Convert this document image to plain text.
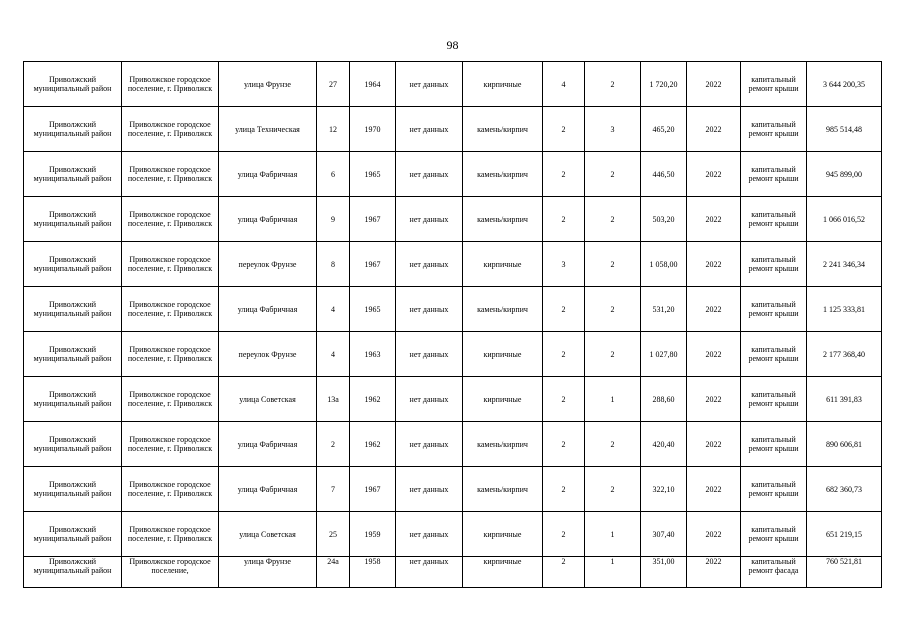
98
Приволжский муниципальный район	Приволжское городское поселение, г. Приволжск	улица Фрунзе	27	1964	нет данных	кирпичные	4	2	1 720,20	2022	капитальный ремонт крыши	3 644 200,35
Приволжский муниципальный район	Приволжское городское поселение, г. Приволжск	улица Техническая	12	1970	нет данных	камень/кирпич	2	3	465,20	2022	капитальный ремонт крыши	985 514,48
Приволжский муниципальный район	Приволжское городское поселение, г. Приволжск	улица Фабричная	6	1965	нет данных	камень/кирпич	2	2	446,50	2022	капитальный ремонт крыши	945 899,00
Приволжский муниципальный район	Приволжское городское поселение, г. Приволжск	улица Фабричная	9	1967	нет данных	камень/кирпич	2	2	503,20	2022	капитальный ремонт крыши	1 066 016,52
Приволжский муниципальный район	Приволжское городское поселение, г. Приволжск	переулок Фрунзе	8	1967	нет данных	кирпичные	3	2	1 058,00	2022	капитальный ремонт крыши	2 241 346,34
Приволжский муниципальный район	Приволжское городское поселение, г. Приволжск	улица Фабричная	4	1965	нет данных	камень/кирпич	2	2	531,20	2022	капитальный ремонт крыши	1 125 333,81
Приволжский муниципальный район	Приволжское городское поселение, г. Приволжск	переулок Фрунзе	4	1963	нет данных	кирпичные	2	2	1 027,80	2022	капитальный ремонт крыши	2 177 368,40
Приволжский муниципальный район	Приволжское городское поселение, г. Приволжск	улица Советская	13а	1962	нет данных	кирпичные	2	1	288,60	2022	капитальный ремонт крыши	611 391,83
Приволжский муниципальный район	Приволжское городское поселение, г. Приволжск	улица Фабричная	2	1962	нет данных	камень/кирпич	2	2	420,40	2022	капитальный ремонт крыши	890 606,81
Приволжский муниципальный район	Приволжское городское поселение, г. Приволжск	улица Фабричная	7	1967	нет данных	камень/кирпич	2	2	322,10	2022	капитальный ремонт крыши	682 360,73
Приволжский муниципальный район	Приволжское городское поселение, г. Приволжск	улица Советская	25	1959	нет данных	кирпичные	2	1	307,40	2022	капитальный ремонт крыши	651 219,15
Приволжский муниципальный район	Приволжское городское поселение,	улица Фрунзе	24а	1958	нет данных	кирпичные	2	1	351,00	2022	капитальный ремонт фасада	760 521,81
